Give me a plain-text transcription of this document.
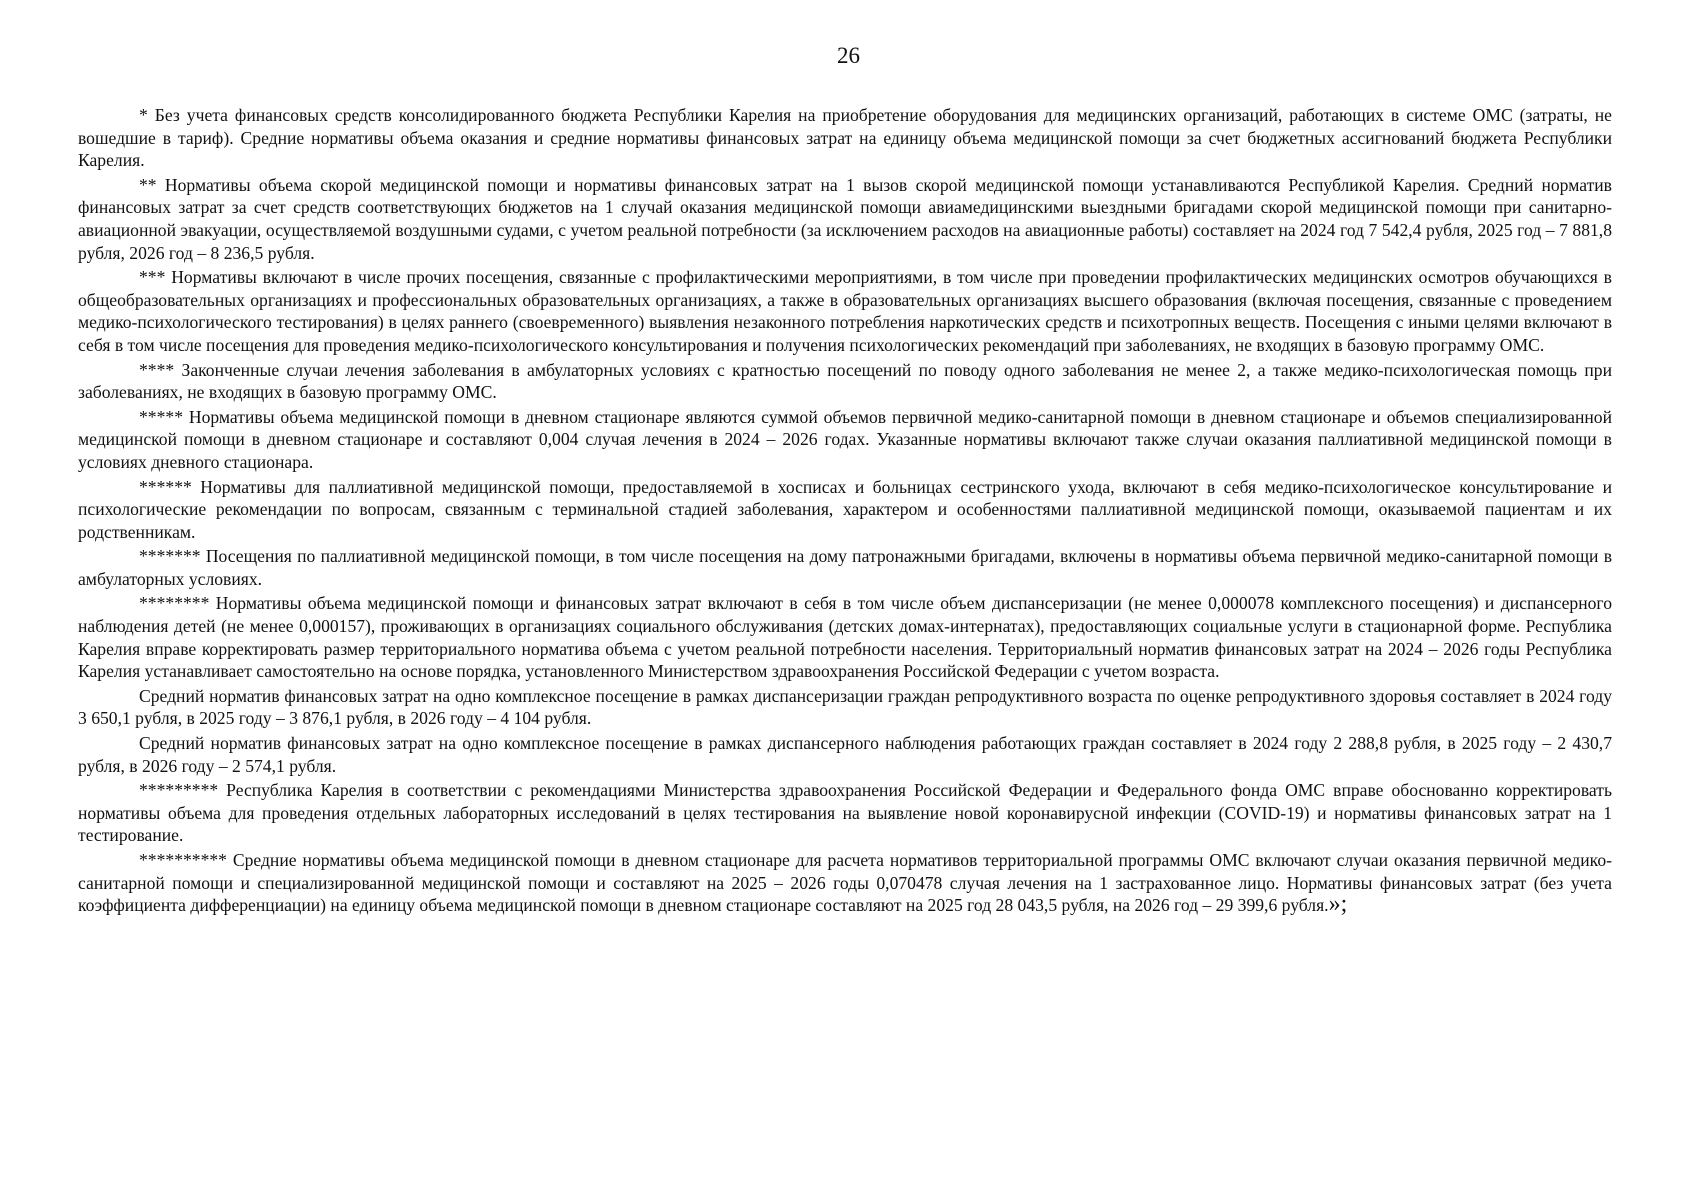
26

* Без учета финансовых средств консолидированного бюджета Республики Карелия на приобретение оборудования для медицинских организаций, работающих в системе ОМС (затраты, не вошедшие в тариф). Средние нормативы объема оказания и средние нормативы финансовых затрат на единицу объема медицинской помощи за счет бюджетных ассигнований бюджета Республики Карелия.

** Нормативы объема скорой медицинской помощи и нормативы финансовых затрат на 1 вызов скорой медицинской помощи устанавливаются Республикой Карелия. Средний норматив финансовых затрат за счет средств соответствующих бюджетов на 1 случай оказания медицинской помощи авиамедицинскими выездными бригадами скорой медицинской помощи при санитарно-авиационной эвакуации, осуществляемой воздушными судами, с учетом реальной потребности (за исключением расходов на авиационные работы) составляет на 2024 год 7 542,4 рубля, 2025 год – 7 881,8 рубля, 2026 год – 8 236,5 рубля.

*** Нормативы включают в числе прочих посещения, связанные с профилактическими мероприятиями, в том числе при проведении профилактических медицинских осмотров обучающихся в общеобразовательных организациях и профессиональных образовательных организациях, а также в образовательных организациях высшего образования (включая посещения, связанные с проведением медико-психологического тестирования) в целях раннего (своевременного) выявления незаконного потребления наркотических средств и психотропных веществ. Посещения с иными целями включают в себя в том числе посещения для проведения медико-психологического консультирования и получения психологических рекомендаций при заболеваниях, не входящих в базовую программу ОМС.

**** Законченные случаи лечения заболевания в амбулаторных условиях с кратностью посещений по поводу одного заболевания не менее 2, а также медико-психологическая помощь при заболеваниях, не входящих в базовую программу ОМС.

***** Нормативы объема медицинской помощи в дневном стационаре являются суммой объемов первичной медико-санитарной помощи в дневном стационаре и объемов специализированной медицинской помощи в дневном стационаре и составляют 0,004 случая лечения в 2024 – 2026 годах. Указанные нормативы включают также случаи оказания паллиативной медицинской помощи в условиях дневного стационара.

****** Нормативы для паллиативной медицинской помощи, предоставляемой в хосписах и больницах сестринского ухода, включают в себя медико-психологическое консультирование и психологические рекомендации по вопросам, связанным с терминальной стадией заболевания, характером и особенностями паллиативной медицинской помощи, оказываемой пациентам и их родственникам.

******* Посещения по паллиативной медицинской помощи, в том числе посещения на дому патронажными бригадами, включены в нормативы объема первичной медико-санитарной помощи в амбулаторных условиях.

******** Нормативы объема медицинской помощи и финансовых затрат включают в себя в том числе объем диспансеризации (не менее 0,000078 комплексного посещения) и диспансерного наблюдения детей (не менее 0,000157), проживающих в организациях социального обслуживания (детских домах-интернатах), предоставляющих социальные услуги в стационарной форме. Республика Карелия вправе корректировать размер территориального норматива объема с учетом реальной потребности населения. Территориальный норматив финансовых затрат на 2024 – 2026 годы Республика Карелия устанавливает самостоятельно на основе порядка, установленного Министерством здравоохранения Российской Федерации с учетом возраста.

Средний норматив финансовых затрат на одно комплексное посещение в рамках диспансеризации граждан репродуктивного возраста по оценке репродуктивного здоровья составляет в 2024 году 3 650,1 рубля, в 2025 году – 3 876,1 рубля, в 2026 году – 4 104 рубля.

Средний норматив финансовых затрат на одно комплексное посещение в рамках диспансерного наблюдения работающих граждан составляет в 2024 году 2 288,8 рубля, в 2025 году – 2 430,7 рубля, в 2026 году – 2 574,1 рубля.

********* Республика Карелия в соответствии с рекомендациями Министерства здравоохранения Российской Федерации и Федерального фонда ОМС вправе обоснованно корректировать нормативы объема для проведения отдельных лабораторных исследований в целях тестирования на выявление новой коронавирусной инфекции (COVID-19) и нормативы финансовых затрат на 1 тестирование.

********** Средние нормативы объема медицинской помощи в дневном стационаре для расчета нормативов территориальной программы ОМС включают случаи оказания первичной медико-санитарной помощи и специализированной медицинской помощи и составляют на 2025 – 2026 годы 0,070478 случая лечения на 1 застрахованное лицо. Нормативы финансовых затрат (без учета коэффициента дифференциации) на единицу объема медицинской помощи в дневном стационаре составляют на 2025 год 28 043,5 рубля, на 2026 год – 29 399,6 рубля.»;
